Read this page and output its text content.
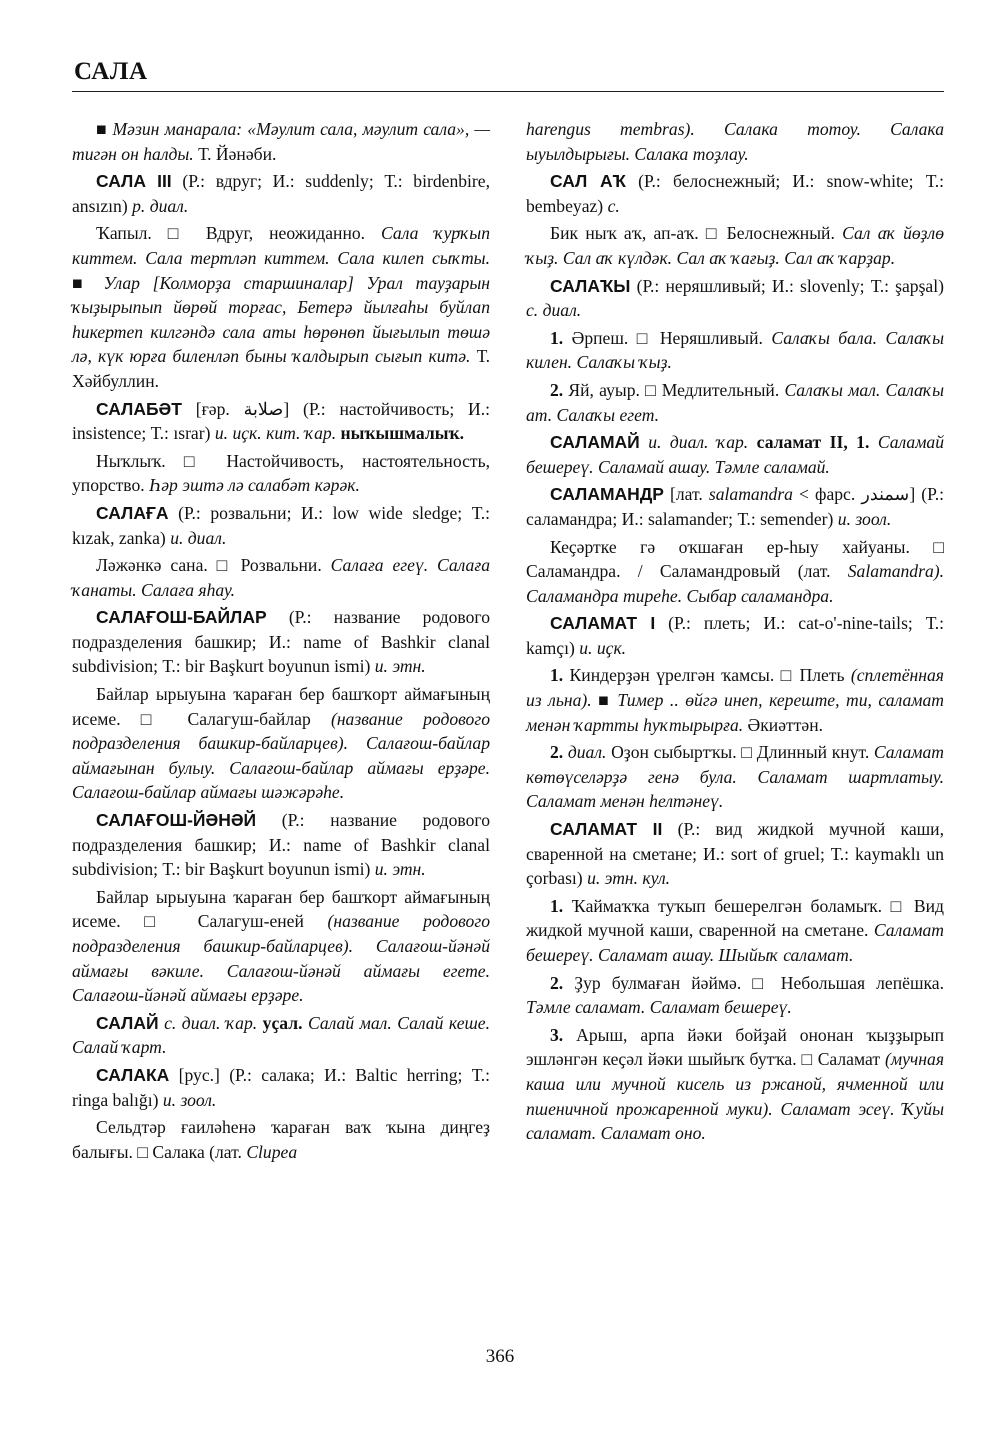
САЛА

■ Мәзин манарала: «Мәулит сала, мәулит сала», — тигән он һалды. Т. Йәнәби.

САЛА III (Р.: вдруг; И.: suddenly; Т.: birdenbire, ansızın) р. диал.

Ҡапыл. □ Вдруг, неожиданно. Сала ҡурҡып киттем. Сала тертләп киттем. Сала килеп сыҡты. ■ Улар [Колморҙа старшиналар] Урал тауҙарын ҡыҙырыпып йөрөй торғас, Бетерә йылғаһы буйлап һикертеп килгәндә сала аты һөрөнөп йығылып төшә лә, күк юрға биленләп быны ҡалдырып сығып китә. Т. Хәйбуллин.

САЛАБӘТ [ғәр. صلابة] (Р.: настойчивость; И.: insistence; Т.: ısrar) и. иҫк. кит. ҡар. ныҡышмалыҡ.

Ныҡлыҡ. □ Настойчивость, настоятельность, упорство. Һәр эштә лә салабәт кәрәк.

САЛАҒА (Р.: розвальни; И.: low wide sledge; Т.: kızak, zanka) и. диал.

Ләжәнкә сана. □ Розвальни. Салаға егеү. Салаға ҡанаты. Салаға яһау.

САЛАҒОШ-БАЙЛАР (Р.: название родового подразделения башкир; И.: name of Bashkir clanal subdivision; Т.: bir Başkurt boyunun ismi) и. этн.

Байлар ырыуына ҡараған бер башҡорт аймағының исеме. □ Салагуш-байлар (название родового подразделения башкир-байларцев). Салағош-байлар аймағынан булыу. Салағош-байлар аймағы ерҙәре. Салағош-байлар аймағы шәжәрәһе.

САЛАҒОШ-ЙӘНӘЙ (Р.: название родового подразделения башкир; И.: name of Bashkir clanal subdivision; Т.: bir Başkurt boyunun ismi) и. этн.

Байлар ырыуына ҡараған бер башҡорт аймағының исеме. □ Салагуш-еней (название родового подразделения башкир-байларцев). Салағош-йәнәй аймағы вәкиле. Салағош-йәнәй аймағы егете. Салағош-йәнәй аймағы ерҙәре.

САЛАЙ с. диал. ҡар. уҫал. Салай мал. Салай кеше. Салай ҡарт.

САЛАКА [рус.] (Р.: салака; И.: Baltic herring; Т.: ringa balığı) и. зоол.

Сельдтәр ғаиләһенә ҡараған ваҡ ҡына диңгеҙ балығы. □ Салака (лат. Clupea

harengus membras). Салака тотоу. Салака ыуылдырығы. Салака тоҙлау.

САЛ АҠ (Р.: белоснежный; И.: snow-white; Т.: bembeyaz) с.

Бик ныҡ аҡ, ап-аҡ. □ Белоснежный. Сал аҡ йөҙлө ҡыҙ. Сал аҡ күлдәк. Сал аҡ ҡағыҙ. Сал аҡ ҡарҙар.

САЛАҠЫ (Р.: неряшливый; И.: slovenly; Т.: şapşal) с. диал.

1. Әрпеш. □ Неряшливый. Салаҡы бала. Салаҡы килен. Салаҡы ҡыҙ.

2. Яй, ауыр. □ Медлительный. Салаҡы мал. Салаҡы ат. Салаҡы егет.

САЛАМАЙ и. диал. ҡар. саламат II, 1. Саламай бешереү. Саламай ашау. Тәмле саламай.

САЛАМАНДР [лат. salamandra < фарс. سمندر] (Р.: саламандра; И.: salamander; Т.: semender) и. зоол.

Кеҫәртке гә оҡшаған ер-һыу хайуаны. □ Саламандра. / Саламандровый (лат. Salamandra). Саламандра тиреһе. Сыбар саламандра.

САЛАМАТ I (Р.: плеть; И.: cat-o'-nine-tails; Т.: kamçı) и. иҫк.

1. Киндерҙән үрелгән ҡамсы. □ Плеть (сплетённая из льна). ■ Тимер .. өйгә инеп, кереште, ти, саламат менән ҡартты һуҡтырырға. Әкиәттән.

2. диал. Оҙон сыбыртҡы. □ Длинный кнут. Саламат көтөүселәрҙә генә була. Саламат шартлатыу. Саламат менән һелтәнеү.

САЛАМАТ II (Р.: вид жидкой мучной каши, сваренной на сметане; И.: sort of gruel; Т.: kaymaklı un çorbası) и. этн. кул.

1. Ҡаймаҡҡа туҡып бешерелгән боламыҡ. □ Вид жидкой мучной каши, сваренной на сметане. Саламат бешереү. Саламат ашау. Шыйыҡ саламат.

2. Ҙур булмаған йәймә. □ Небольшая лепёшка. Тәмле саламат. Саламат бешереү.

3. Арыш, арпа йәки бойҙай ононан ҡыҙҙырып эшләнгән кеҫәл йәки шыйыҡ бутҡа. □ Саламат (мучная каша или мучной кисель из ржаной, ячменной или пшеничной прожаренной муки). Саламат эсеү. Ҡуйы саламат. Саламат оно.

366
